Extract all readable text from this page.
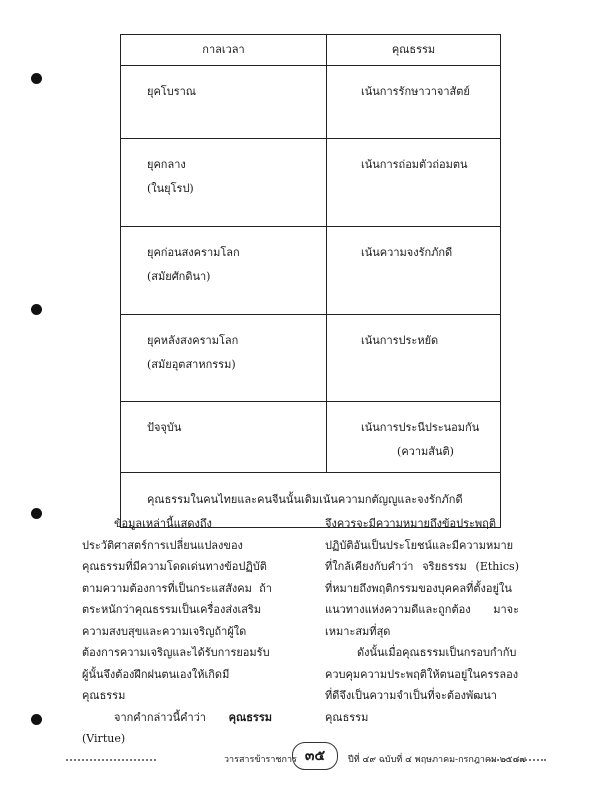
กาลเวลา	คุณธรรม

ยุคโบราณ	เน้นการรักษาวาจาสัตย์

ยุคกลาง
(ในยุโรป)	เน้นการถ่อมตัวถ่อมตน

ยุคก่อนสงครามโลก
(สมัยศักดินา)	เน้นความจงรักภักดี

ยุคหลังสงครามโลก
(สมัยอุตสาหกรรม)	เน้นการประหยัด

ปัจจุบัน	เน้นการประนีประนอมกัน
(ความสันติ)

คุณธรรมในคนไทยและคนจีนนั้นเดิมเน้นความกตัญญูและจงรักภักดี	

ข้อมูลเหล่านี้แสดงถึงประวัติศาสตร์การเปลี่ยนแปลงของคุณธรรมที่มีความโดดเด่นทางข้อปฏิบัติตามความต้องการที่เป็นกระแสสังคม ถ้าตระหนักว่าคุณธรรมเป็นเครื่องส่งเสริมความสงบสุขและความเจริญถ้าผู้ใดต้องการความเจริญและได้รับการยอมรับผู้นั้นจึงต้องฝึกฝนตนเองให้เกิดมีคุณธรรม

จากคำกล่าวนี้คำว่า คุณธรรม (Virtue)

จึงควรจะมีความหมายถึงข้อประพฤติปฏิบัติอันเป็นประโยชน์และมีความหมายที่ใกล้เคียงกับคำว่า จริยธรรม (Ethics) ที่หมายถึงพฤติกรรมของบุคคลที่ตั้งอยู่ในแนวทางแห่งความดีและถูกต้อง มาจะเหมาะสมที่สุด

ดังนั้นเมื่อคุณธรรมเป็นกรอบกำกับควบคุมความประพฤติให้ตนอยู่ในครรลองที่ดีจึงเป็นความจำเป็นที่จะต้องพัฒนาคุณธรรม

วารสารข้าราชการ ๓๕	ปีที่ ๔๙ ฉบับที่ ๔ พฤษภาคม-กรกฎาคม ๒๕๔๗
